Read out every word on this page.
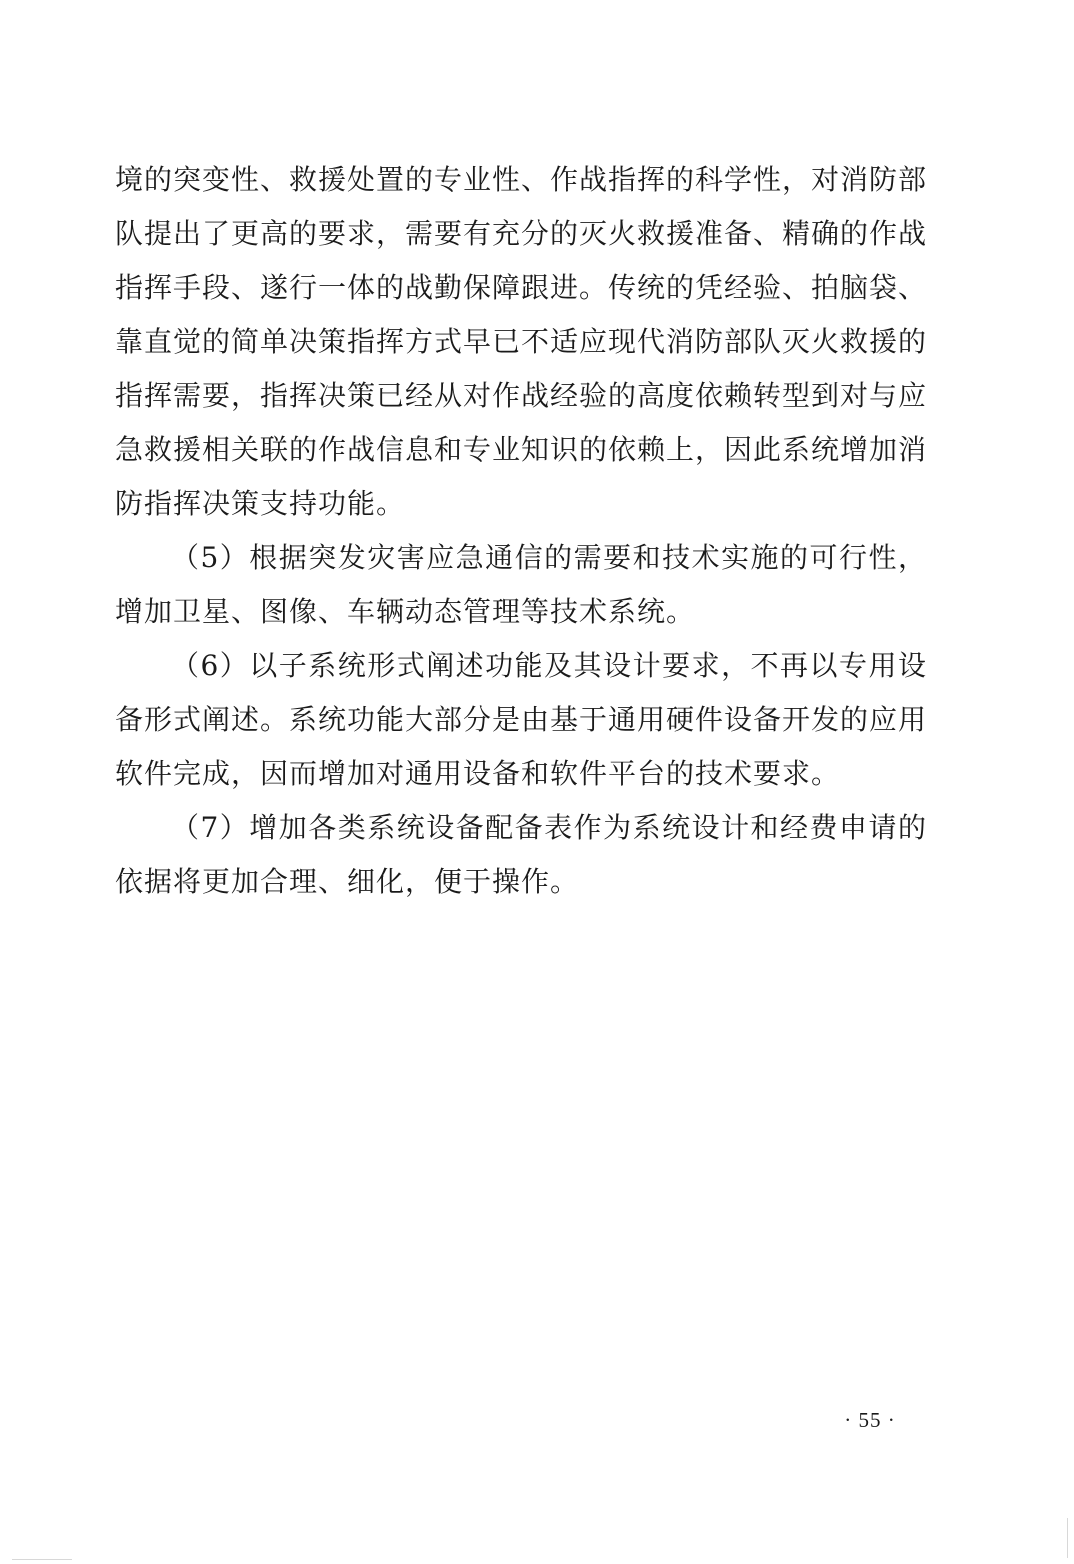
境的突变性、救援处置的专业性、作战指挥的科学性，对消防部队提出了更高的要求，需要有充分的灭火救援准备、精确的作战指挥手段、遂行一体的战勤保障跟进。传统的凭经验、拍脑袋、靠直觉的简单决策指挥方式早已不适应现代消防部队灭火救援的指挥需要，指挥决策已经从对作战经验的高度依赖转型到对与应急救援相关联的作战信息和专业知识的依赖上，因此系统增加消防指挥决策支持功能。

（5）根据突发灾害应急通信的需要和技术实施的可行性，增加卫星、图像、车辆动态管理等技术系统。

（6）以子系统形式阐述功能及其设计要求，不再以专用设备形式阐述。系统功能大部分是由基于通用硬件设备开发的应用软件完成，因而增加对通用设备和软件平台的技术要求。

（7）增加各类系统设备配备表作为系统设计和经费申请的依据将更加合理、细化，便于操作。

· 55 ·
